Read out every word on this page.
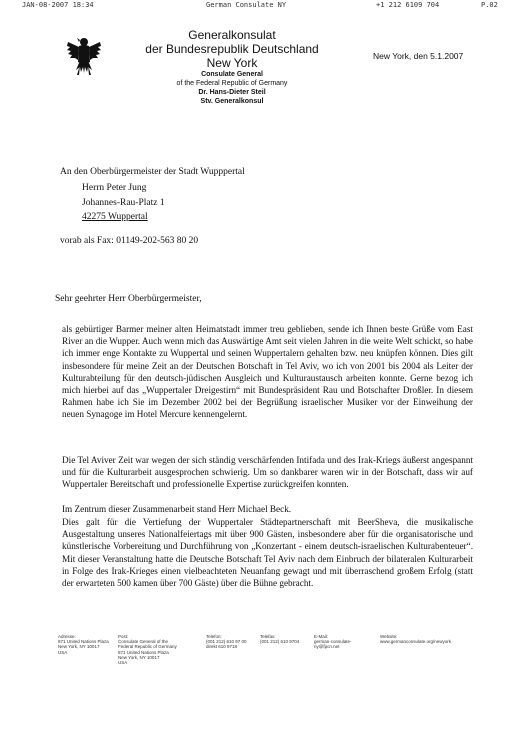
JAN-08-2007 18:34	German Consulate NY	+1 212 6109 704	P.02
Generalkonsulat
der Bundesrepublik Deutschland
New York
Consulate General
of the Federal Republic of Germany
Dr. Hans-Dieter Steil
Stv. Generalkonsul
New York, den 5.1.2007
An den Oberbürgermeister der Stadt Wupppertal
Herrn Peter Jung
Johannes-Rau-Platz 1
42275 Wuppertal
vorab als Fax: 01149-202-563 80 20
Sehr geehrter Herr Oberbürgermeister,

als gebürtiger Barmer meiner alten Heimatstadt immer treu geblieben, sende ich Ihnen beste Grüße vom East River an die Wupper. Auch wenn mich das Auswärtige Amt seit vielen Jahren in die weite Welt schickt, so habe ich immer enge Kontakte zu Wuppertal und seinen Wuppertalern gehalten bzw. neu knüpfen können. Dies gilt insbesondere für meine Zeit an der Deutschen Botschaft in Tel Aviv, wo ich von 2001 bis 2004 als Leiter der Kulturabteilung für den deutsch-jüdischen Ausgleich und Kulturaustausch arbeiten konnte. Gerne bezog ich mich hierbei auf das „Wuppertaler Dreigestirn“ mit Bundespräsident Rau und Botschafter Droßler. In diesem Rahmen habe ich Sie im Dezember 2002 bei der Begrüßung israelischer Musiker vor der Einweihung der neuen Synagoge im Hotel Mercure kennengelernt.

Die Tel Aviver Zeit war wegen der sich ständig verschärfenden Intifada und des Irak-Kriegs äußerst angespannt und für die Kulturarbeit ausgesprochen schwierig. Um so dankbarer waren wir in der Botschaft, dass wir auf Wuppertaler Bereitschaft und professionelle Expertise zurückgreifen konnten.

Im Zentrum dieser Zusammenarbeit stand Herr Michael Beck.

Dies galt für die Vertiefung der Wuppertaler Städtepartnerschaft mit BeerSheva, die musikalische Ausgestaltung unseres Nationalfeiertags mit über 900 Gästen, insbesondere aber für die organisatorische und künstlerische Vorbereitung und Durchführung von „Konzertant - einem deutsch-israelischen Kulturabenteuer“. Mit dieser Veranstaltung hatte die Deutsche Botschaft Tel Aviv nach dem Einbruch der bilateralen Kulturarbeit in Folge des Irak-Krieges einen vielbeachteten Neuanfang gewagt und mit überraschend großem Erfolg (statt der erwarteten 500 kamen über 700 Gäste) über die Bühne gebracht.

Adresse:
871 United Nations Plaza
New York, NY 10017
USA
Post:
Consulate General of the
Federal Republic of Germany
871 United Nations Plaza
New York, NY 10017
USA
Telefon:
(001 212) 610 97 00
direkt 610 9718
Telefax:
(001 212) 610 9704
E-Mail:
german-consulate-
ny@fpcn.net
Website:
www.germanconsulate.org/newyork
